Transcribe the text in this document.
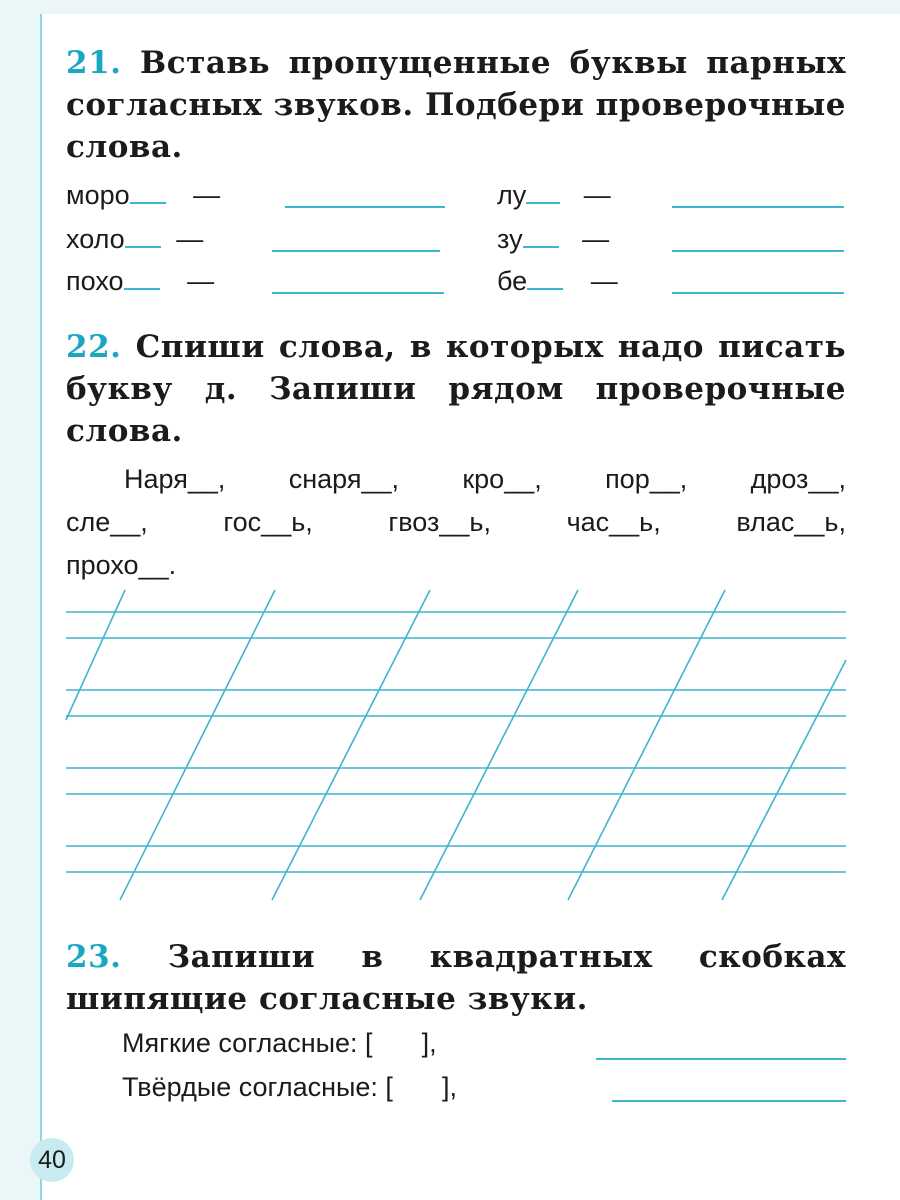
21. Вставь пропущенные буквы парных согласных звуков. Подбери проверочные слова.
моро —	лу —
холо —	зу —
похо —	бе —
22. Спиши слова, в которых надо писать букву д. Запиши рядом проверочные слова.
Наря__, снаря__, кро__, пор__, дроз__,
сле__,	гос__ь,	гвоз__ь,	час__ь,	влас__ь,
прохо__.
23. Запиши в квадратных скобках шипящие согласные звуки.
Мягкие согласные: [ ],
Твёрдые согласные: [ ],
40
